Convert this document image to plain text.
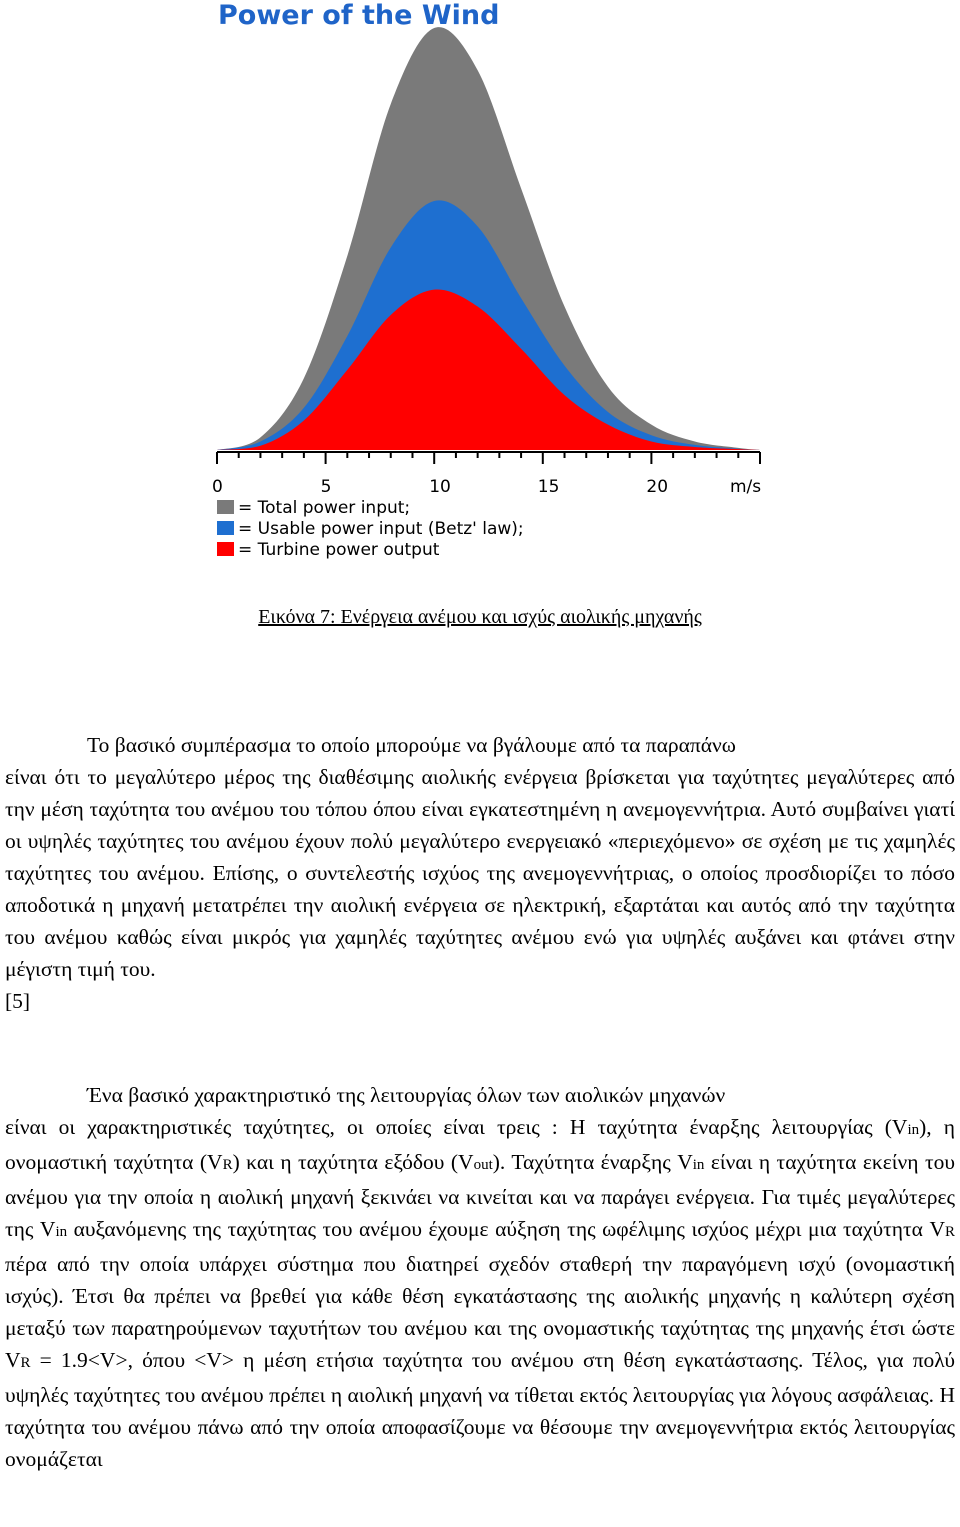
Power of the Wind
0	5	10	15	20	m/s
= Total power input;
= Usable power input (Betz' law);
= Turbine power output
Εικόνα 7: Ενέργεια ανέμου και ισχύς αιολικής μηχανής
Το βασικό συμπέρασμα το οποίο μπορούμε να βγάλουμε από τα παραπάνω
είναι ότι το μεγαλύτερο μέρος της διαθέσιμης αιολικής ενέργεια βρίσκεται για ταχύτητες μεγαλύτερες από την μέση ταχύτητα του ανέμου του τόπου όπου είναι εγκατεστημένη η ανεμογεννήτρια. Αυτό συμβαίνει γιατί οι υψηλές ταχύτητες του ανέμου έχουν πολύ μεγαλύτερο ενεργειακό «περιεχόμενο» σε σχέση με τις χαμηλές ταχύτητες του ανέμου. Επίσης, ο συντελεστής ισχύος της ανεμογεννήτριας, ο οποίος προσδιορίζει το πόσο αποδοτικά η μηχανή μετατρέπει την αιολική ενέργεια σε ηλεκτρική, εξαρτάται και αυτός από την ταχύτητα του ανέμου καθώς είναι μικρός για χαμηλές ταχύτητες ανέμου ενώ για υψηλές αυξάνει και φτάνει στην μέγιστη τιμή του.
[5]
Ένα βασικό χαρακτηριστικό της λειτουργίας όλων των αιολικών μηχανών
είναι οι χαρακτηριστικές ταχύτητες, οι οποίες είναι τρεις : Η ταχύτητα έναρξης λειτουργίας (Vin), η ονομαστική ταχύτητα (VR) και η ταχύτητα εξόδου (Vout). Ταχύτητα έναρξης Vin είναι η ταχύτητα εκείνη του ανέμου για την οποία η αιολική μηχανή ξεκινάει να κινείται και να παράγει ενέργεια. Για τιμές μεγαλύτερες της Vin αυξανόμενης της ταχύτητας του ανέμου έχουμε αύξηση της ωφέλιμης ισχύος μέχρι μια ταχύτητα VR πέρα από την οποία υπάρχει σύστημα που διατηρεί σχεδόν σταθερή την παραγόμενη ισχύ (ονομαστική ισχύς). Έτσι θα πρέπει να βρεθεί για κάθε θέση εγκατάστασης της αιολικής μηχανής η καλύτερη σχέση μεταξύ των παρατηρούμενων ταχυτήτων του ανέμου και της ονομαστικής ταχύτητας της μηχανής έτσι ώστε VR = 1.9<V>, όπου <V> η μέση ετήσια ταχύτητα του ανέμου στη θέση εγκατάστασης. Τέλος, για πολύ υψηλές ταχύτητες του ανέμου πρέπει η αιολική μηχανή να τίθεται εκτός λειτουργίας για λόγους ασφάλειας. Η ταχύτητα του ανέμου πάνω από την οποία αποφασίζουμε να θέσουμε την ανεμογεννήτρια εκτός λειτουργίας ονομάζεται
